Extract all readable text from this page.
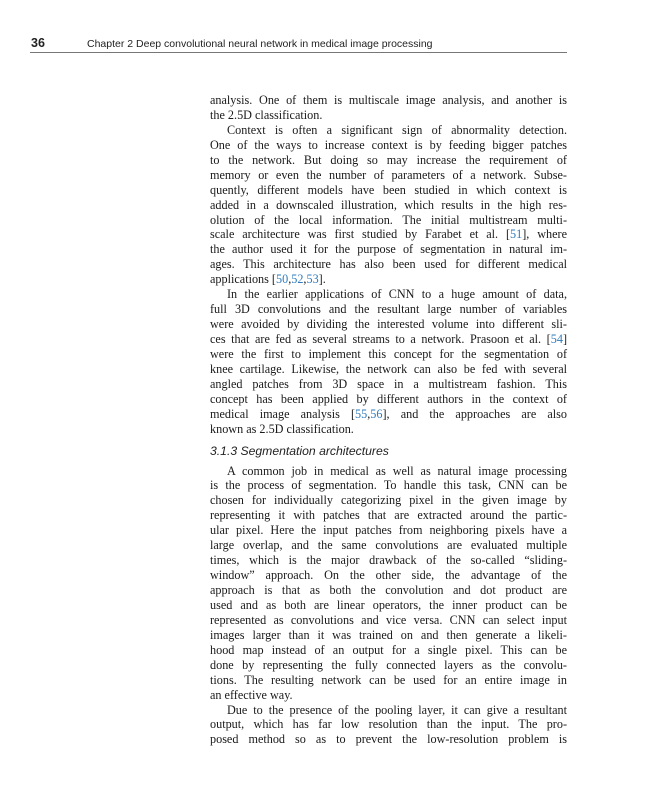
36	Chapter 2 Deep convolutional neural network in medical image processing
analysis. One of them is multiscale image analysis, and another is
the 2.5D classification.
Context is often a significant sign of abnormality detection.
One of the ways to increase context is by feeding bigger patches
to the network. But doing so may increase the requirement of
memory or even the number of parameters of a network. Subse-
quently, different models have been studied in which context is
added in a downscaled illustration, which results in the high res-
olution of the local information. The initial multistream multi-
scale architecture was first studied by Farabet et al. [51], where
the author used it for the purpose of segmentation in natural im-
ages. This architecture has also been used for different medical
applications [50,52,53].
In the earlier applications of CNN to a huge amount of data,
full 3D convolutions and the resultant large number of variables
were avoided by dividing the interested volume into different sli-
ces that are fed as several streams to a network. Prasoon et al. [54]
were the first to implement this concept for the segmentation of
knee cartilage. Likewise, the network can also be fed with several
angled patches from 3D space in a multistream fashion. This
concept has been applied by different authors in the context of
medical image analysis [55,56], and the approaches are also
known as 2.5D classification.
3.1.3 Segmentation architectures
A common job in medical as well as natural image processing
is the process of segmentation. To handle this task, CNN can be
chosen for individually categorizing pixel in the given image by
representing it with patches that are extracted around the partic-
ular pixel. Here the input patches from neighboring pixels have a
large overlap, and the same convolutions are evaluated multiple
times, which is the major drawback of the so-called “sliding-
window” approach. On the other side, the advantage of the
approach is that as both the convolution and dot product are
used and as both are linear operators, the inner product can be
represented as convolutions and vice versa. CNN can select input
images larger than it was trained on and then generate a likeli-
hood map instead of an output for a single pixel. This can be
done by representing the fully connected layers as the convolu-
tions. The resulting network can be used for an entire image in
an effective way.
Due to the presence of the pooling layer, it can give a resultant
output, which has far low resolution than the input. The pro-
posed method so as to prevent the low-resolution problem is
